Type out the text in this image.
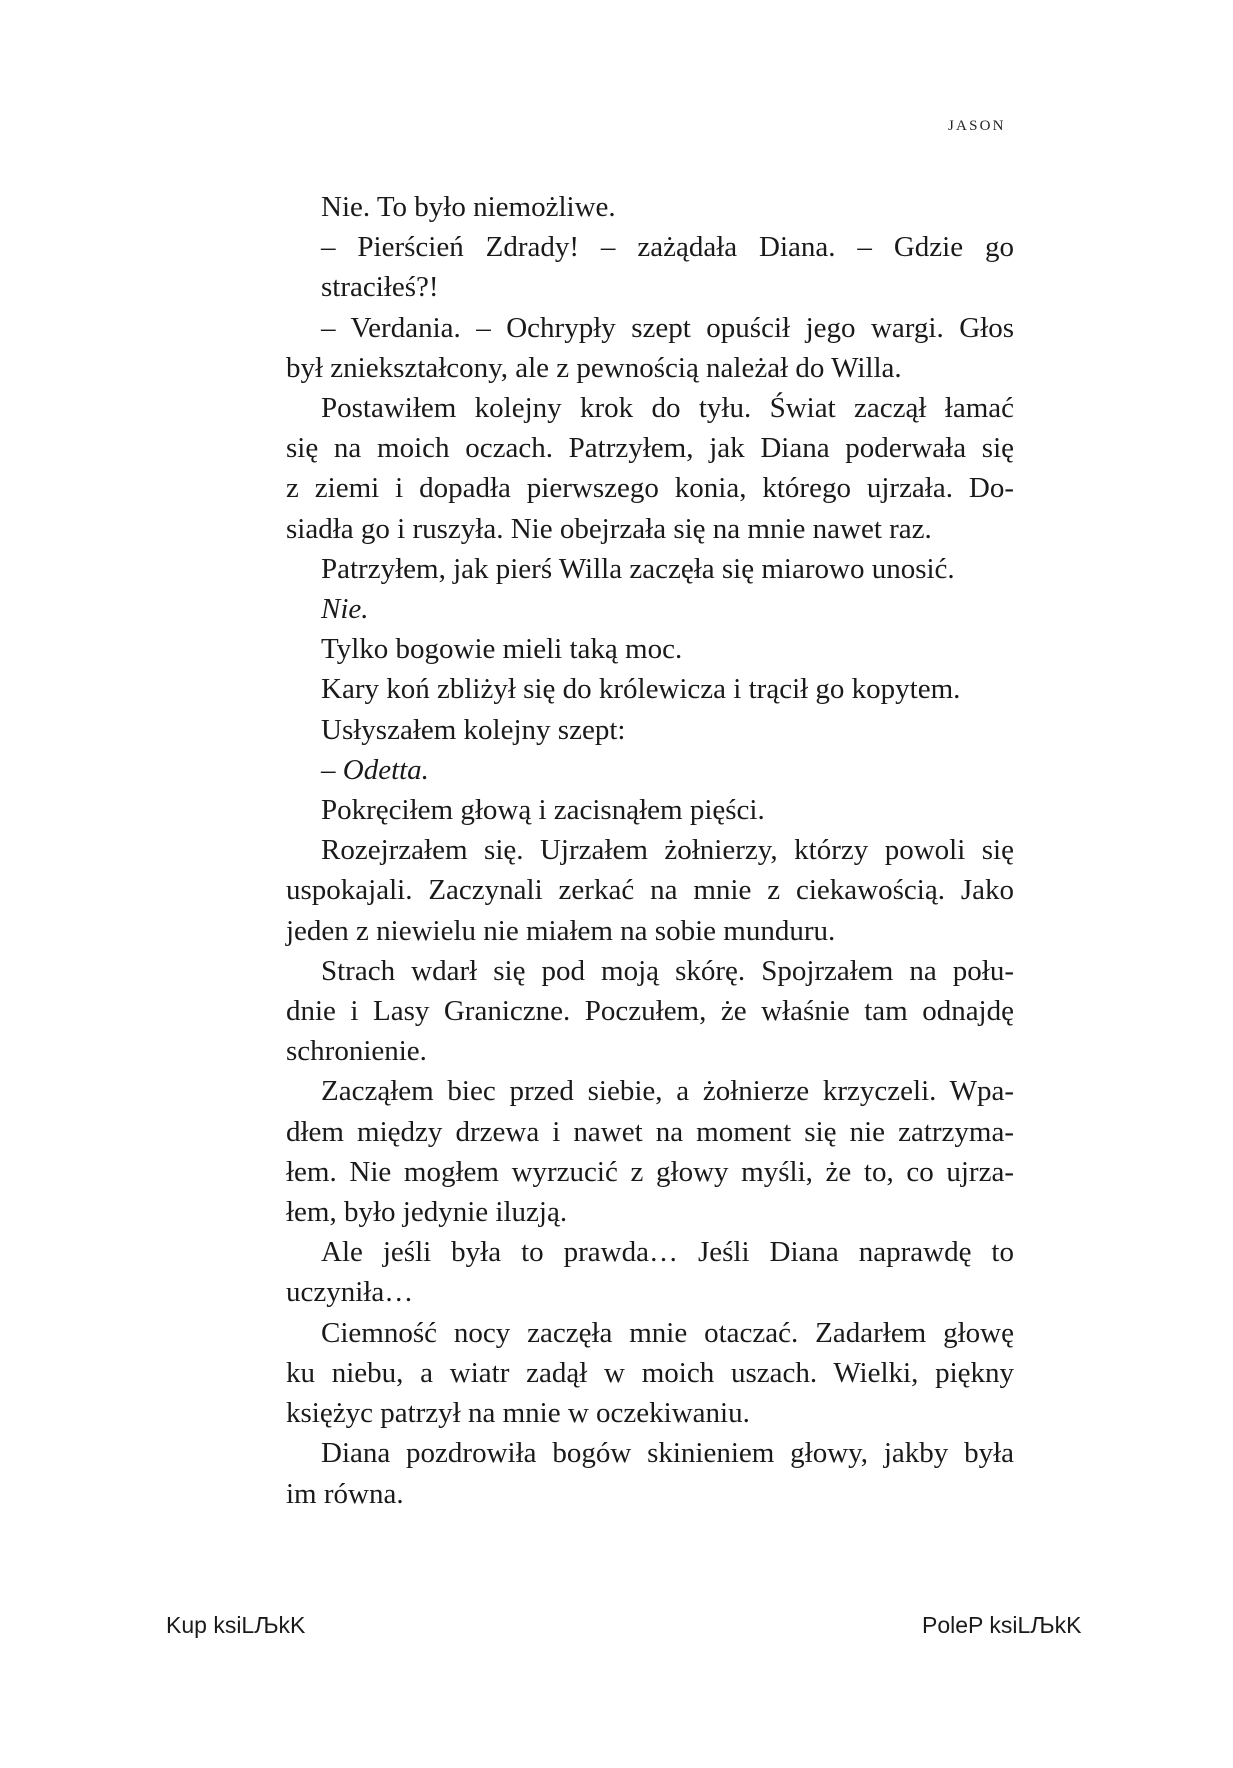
JASON
Nie. To było niemożliwe.
– Pierścień Zdrady! – zażądała Diana. – Gdzie go straciłeś?!
– Verdania. – Ochrypły szept opuścił jego wargi. Głos
był zniekształcony, ale z pewnością należał do Willa.
Postawiłem kolejny krok do tyłu. Świat zaczął łamać
się na moich oczach. Patrzyłem, jak Diana poderwała się
z ziemi i dopadła pierwszego konia, którego ujrzała. Do-
siadła go i ruszyła. Nie obejrzała się na mnie nawet raz.
Patrzyłem, jak pierś Willa zaczęła się miarowo unosić.
Nie.
Tylko bogowie mieli taką moc.
Kary koń zbliżył się do królewicza i trącił go kopytem.
Usłyszałem kolejny szept:
– Odetta.
Pokręciłem głową i zacisnąłem pięści.
Rozejrzałem się. Ujrzałem żołnierzy, którzy powoli się
uspokajali. Zaczynali zerkać na mnie z ciekawością. Jako
jeden z niewielu nie miałem na sobie munduru.
Strach wdarł się pod moją skórę. Spojrzałem na połu-
dnie i Lasy Graniczne. Poczułem, że właśnie tam odnajdę
schronienie.
Zacząłem biec przed siebie, a żołnierze krzyczeli. Wpa-
dłem między drzewa i nawet na moment się nie zatrzyma-
łem. Nie mogłem wyrzucić z głowy myśli, że to, co ujrza-
łem, było jedynie iluzją.
Ale jeśli była to prawda… Jeśli Diana naprawdę to
uczyniła…
Ciemność nocy zaczęła mnie otaczać. Zadarłem głowę
ku niebu, a wiatr zadął w moich uszach. Wielki, piękny
księżyc patrzył na mnie w oczekiwaniu.
Diana pozdrowiła bogów skinieniem głowy, jakby była
im równa.
Kup ksiLЉkK	PoleP ksiLЉkK
